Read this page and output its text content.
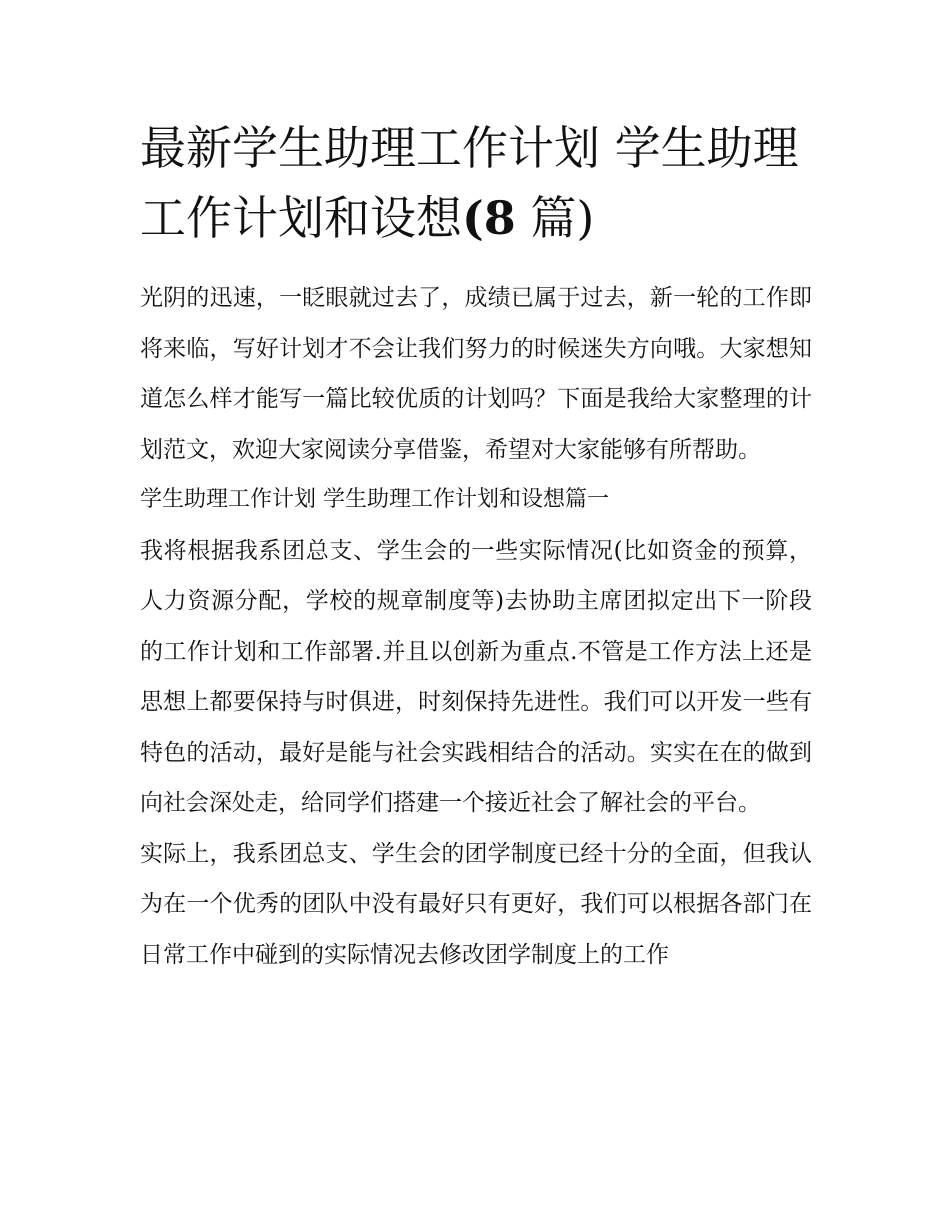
最新学生助理工作计划 学生助理工作计划和设想(8 篇)

光阴的迅速，一眨眼就过去了，成绩已属于过去，新一轮的工作即将来临，写好计划才不会让我们努力的时候迷失方向哦。大家想知道怎么样才能写一篇比较优质的计划吗？下面是我给大家整理的计划范文，欢迎大家阅读分享借鉴，希望对大家能够有所帮助。

学生助理工作计划 学生助理工作计划和设想篇一

我将根据我系团总支、学生会的一些实际情况(比如资金的预算，人力资源分配，学校的规章制度等)去协助主席团拟定出下一阶段的工作计划和工作部署.并且以创新为重点.不管是工作方法上还是思想上都要保持与时俱进，时刻保持先进性。我们可以开发一些有特色的活动，最好是能与社会实践相结合的活动。实实在在的做到向社会深处走，给同学们搭建一个接近社会了解社会的平台。

实际上，我系团总支、学生会的团学制度已经十分的全面，但我认为在一个优秀的团队中没有最好只有更好，我们可以根据各部门在日常工作中碰到的实际情况去修改团学制度上的工作
